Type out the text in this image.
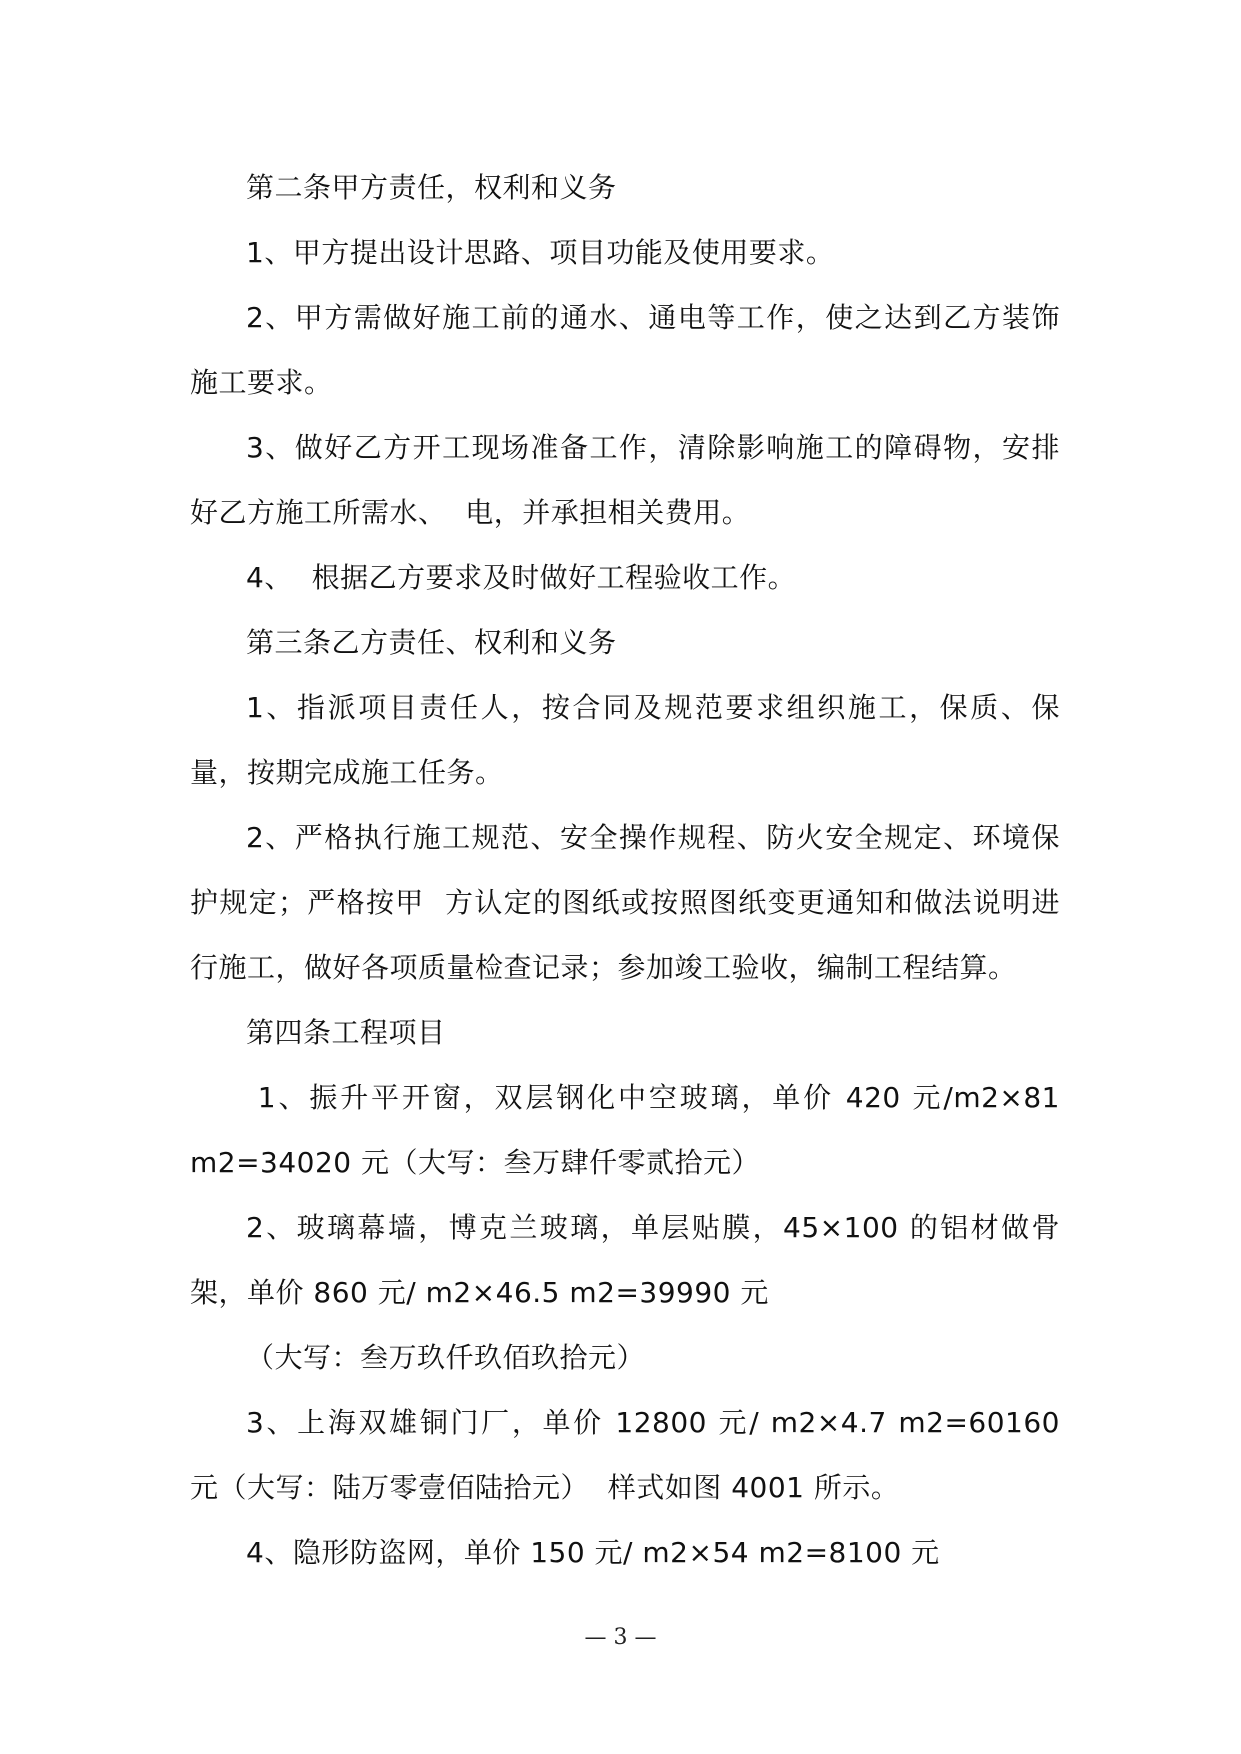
第二条甲方责任，权利和义务

1、甲方提出设计思路、项目功能及使用要求。

2、甲方需做好施工前的通水、通电等工作，使之达到乙方装饰施工要求。

3、做好乙方开工现场准备工作，清除影响施工的障碍物，安排好乙方施工所需水、  电，并承担相关费用。

4、  根据乙方要求及时做好工程验收工作。

第三条乙方责任、权利和义务

1、指派项目责任人，按合同及规范要求组织施工，保质、保量，按期完成施工任务。

2、严格执行施工规范、安全操作规程、防火安全规定、环境保护规定；严格按甲  方认定的图纸或按照图纸变更通知和做法说明进行施工，做好各项质量检查记录；参加竣工验收，编制工程结算。

第四条工程项目

1、振升平开窗，双层钢化中空玻璃，单价 420 元/m2×81 m2=34020 元（大写：叁万肆仟零贰拾元）

2、玻璃幕墙，博克兰玻璃，单层贴膜，45×100 的铝材做骨架，单价 860 元/ m2×46.5 m2=39990 元

（大写：叁万玖仟玖佰玖拾元）

3、上海双雄铜门厂，单价 12800 元/ m2×4.7 m2=60160 元（大写：陆万零壹佰陆拾元）  样式如图 4001 所示。

4、隐形防盗网，单价 150 元/ m2×54 m2=8100 元

— 3 —
